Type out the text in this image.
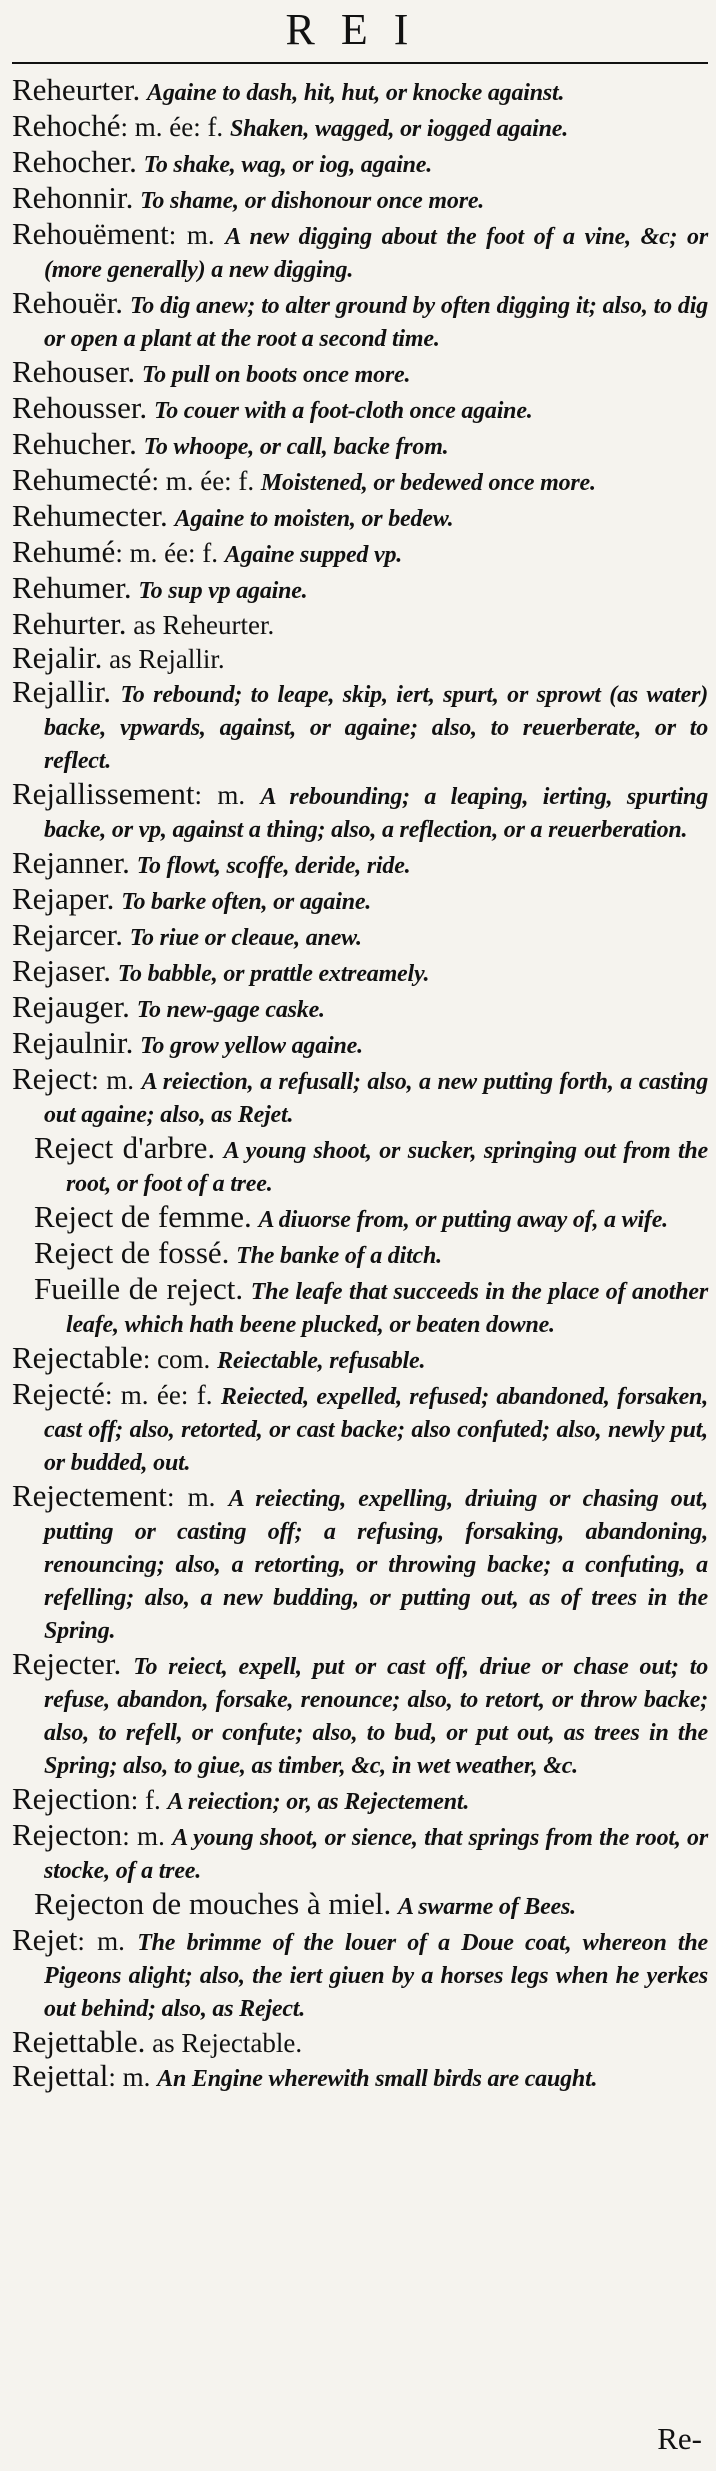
REI
Reheurter. Againe to dash, hit, hut, or knocke against.
Rehoché: m. ée: f. Shaken, wagged, or iogged againe.
Rehocher. To shake, wag, or iog, againe.
Rehonnir. To shame, or dishonour once more.
Rehouëment: m. A new digging about the foot of a vine, &c; or (more generally) a new digging.
Rehouër. To dig anew; to alter ground by often digging it; also, to dig or open a plant at the root a second time.
Rehouser. To pull on boots once more.
Rehousser. To couer with a foot-cloth once againe.
Rehucher. To whoope, or call, backe from.
Rehumecté: m. ée: f. Moistened, or bedewed once more.
Rehumecter. Againe to moisten, or bedew.
Rehumé: m. ée: f. Againe supped vp.
Rehumer. To sup vp againe.
Rehurter. as Reheurter.
Rejalir. as Rejallir.
Rejallir. To rebound; to leape, skip, iert, spurt, or sprowt (as water) backe, vpwards, against, or againe; also, to reuerberate, or to reflect.
Rejallissement: m. A rebounding; a leaping, ierting, spurting backe, or vp, against a thing; also, a reflection, or a reuerberation.
Rejanner. To flowt, scoffe, deride, ride.
Rejaper. To barke often, or againe.
Rejarcer. To riue or cleaue, anew.
Rejaser. To babble, or prattle extreamely.
Rejauger. To new-gage caske.
Rejaulnir. To grow yellow againe.
Reject: m. A reiection, a refusall; also, a new putting forth, a casting out againe; also, as Rejet.
Reject d'arbre. A young shoot, or sucker, springing out from the root, or foot of a tree.
Reject de femme. A diuorse from, or putting away of, a wife.
Reject de fossé. The banke of a ditch.
Fueille de reject. The leafe that succeeds in the place of another leafe, which hath beene plucked, or beaten downe.
Rejectable: com. Reiectable, refusable.
Rejecté: m. ée: f. Reiected, expelled, refused; abandoned, forsaken, cast off; also, retorted, or cast backe; also confuted; also, newly put, or budded, out.
Rejectement: m. A reiecting, expelling, driuing or chasing out, putting or casting off; a refusing, forsaking, abandoning, renouncing; also, a retorting, or throwing backe; a confuting, a refelling; also, a new budding, or putting out, as of trees in the Spring.
Rejecter. To reiect, expell, put or cast off, driue or chase out; to refuse, abandon, forsake, renounce; also, to retort, or throw backe; also, to refell, or confute; also, to bud, or put out, as trees in the Spring; also, to giue, as timber, &c, in wet weather, &c.
Rejection: f. A reiection; or, as Rejectement.
Rejecton: m. A young shoot, or sience, that springs from the root, or stocke, of a tree.
Rejecton de mouches à miel. A swarme of Bees.
Rejet: m. The brimme of the louer of a Doue coat, whereon the Pigeons alight; also, the iert giuen by a horses legs when he yerkes out behind; also, as Reject.
Rejettable. as Rejectable.
Rejettal: m. An Engine wherewith small birds are caught.
Re-
